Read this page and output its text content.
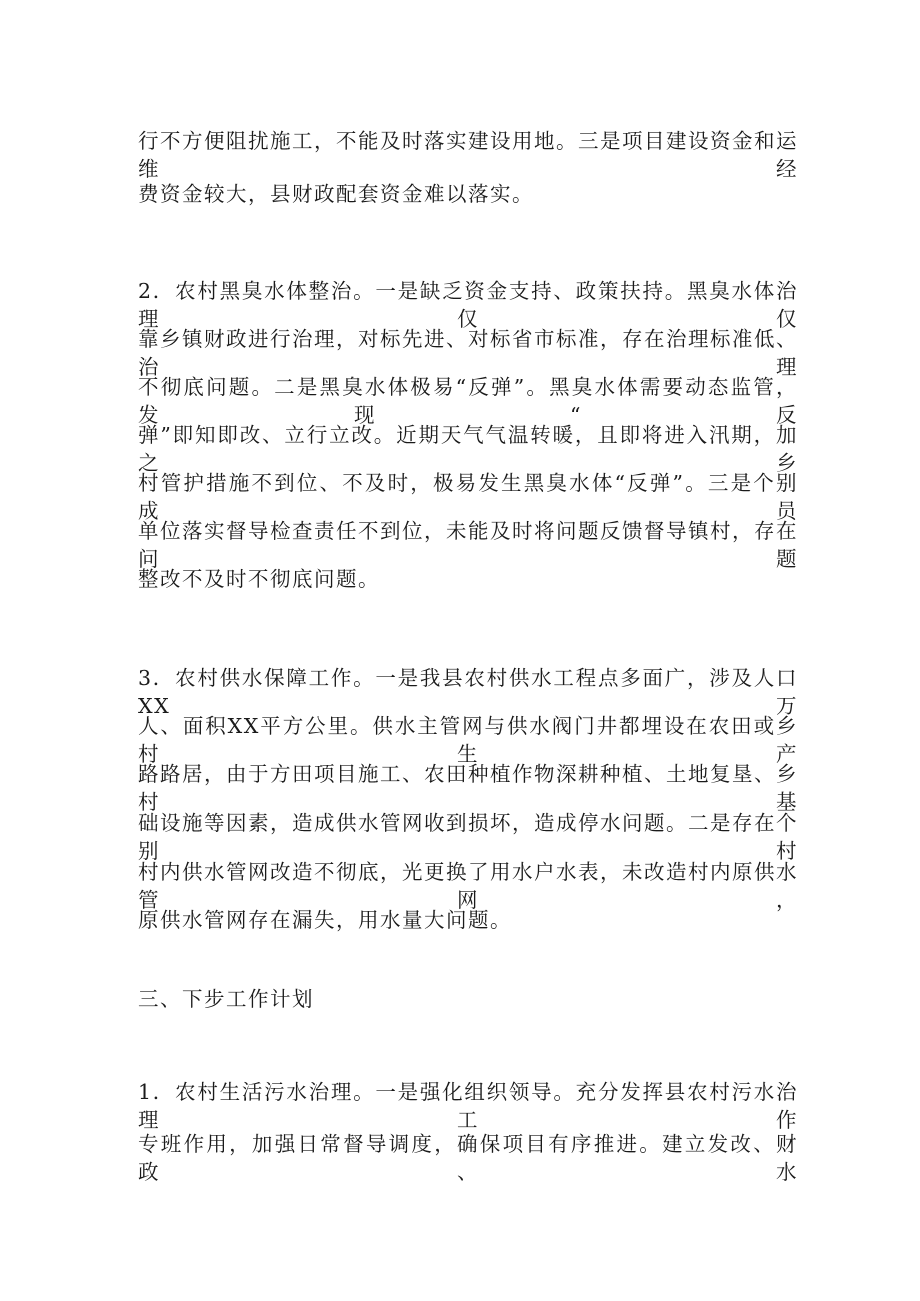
行不方便阻扰施工，不能及时落实建设用地。三是项目建设资金和运维经
费资金较大，县财政配套资金难以落实。
2．农村黑臭水体整治。一是缺乏资金支持、政策扶持。黑臭水体治理仅仅
靠乡镇财政进行治理，对标先进、对标省市标准，存在治理标准低、治理
不彻底问题。二是黑臭水体极易“反弹”。黑臭水体需要动态监管，发现“反
弹”即知即改、立行立改。近期天气气温转暖，且即将进入汛期，加之乡
村管护措施不到位、不及时，极易发生黑臭水体“反弹”。三是个别成员
单位落实督导检查责任不到位，未能及时将问题反馈督导镇村，存在问题
整改不及时不彻底问题。
3．农村供水保障工作。一是我县农村供水工程点多面广，涉及人口XX万
人、面积XX平方公里。供水主管网与供水阀门井都埋设在农田或乡村生产
路路居，由于方田项目施工、农田种植作物深耕种植、土地复垦、乡村基
础设施等因素，造成供水管网收到损坏，造成停水问题。二是存在个别村
村内供水管网改造不彻底，光更换了用水户水表，未改造村内原供水管网，
原供水管网存在漏失，用水量大问题。
三、下步工作计划
1．农村生活污水治理。一是强化组织领导。充分发挥县农村污水治理工作
专班作用，加强日常督导调度，确保项目有序推进。建立发改、财政、水
